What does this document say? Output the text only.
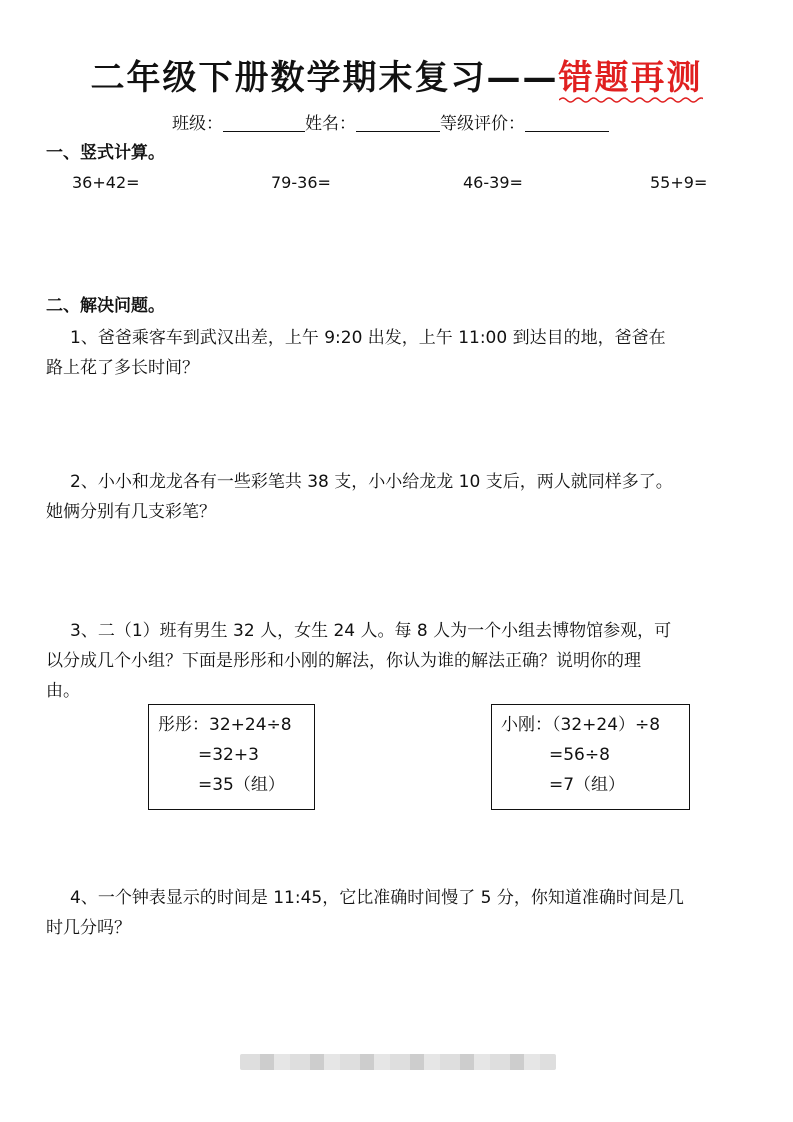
二年级下册数学期末复习——错题再测
班级：	姓名：	等级评价：
一、竖式计算。
36+42=	79-36=	46-39=	55+9=
二、解决问题。

1、爸爸乘客车到武汉出差，上午 9:20 出发，上午 11:00 到达目的地，爸爸在

路上花了多长时间？

2、小小和龙龙各有一些彩笔共 38 支，小小给龙龙 10 支后，两人就同样多了。

她俩分别有几支彩笔？

3、二（1）班有男生 32 人，女生 24 人。每 8 人为一个小组去博物馆参观，可

以分成几个小组？下面是彤彤和小刚的解法，你认为谁的解法正确？说明你的理

由。

彤彤：32+24÷8
=32+3
=35（组）
小刚：（32+24）÷8
=56÷8
=7（组）

4、一个钟表显示的时间是 11:45，它比准确时间慢了 5 分，你知道准确时间是几

时几分吗？
